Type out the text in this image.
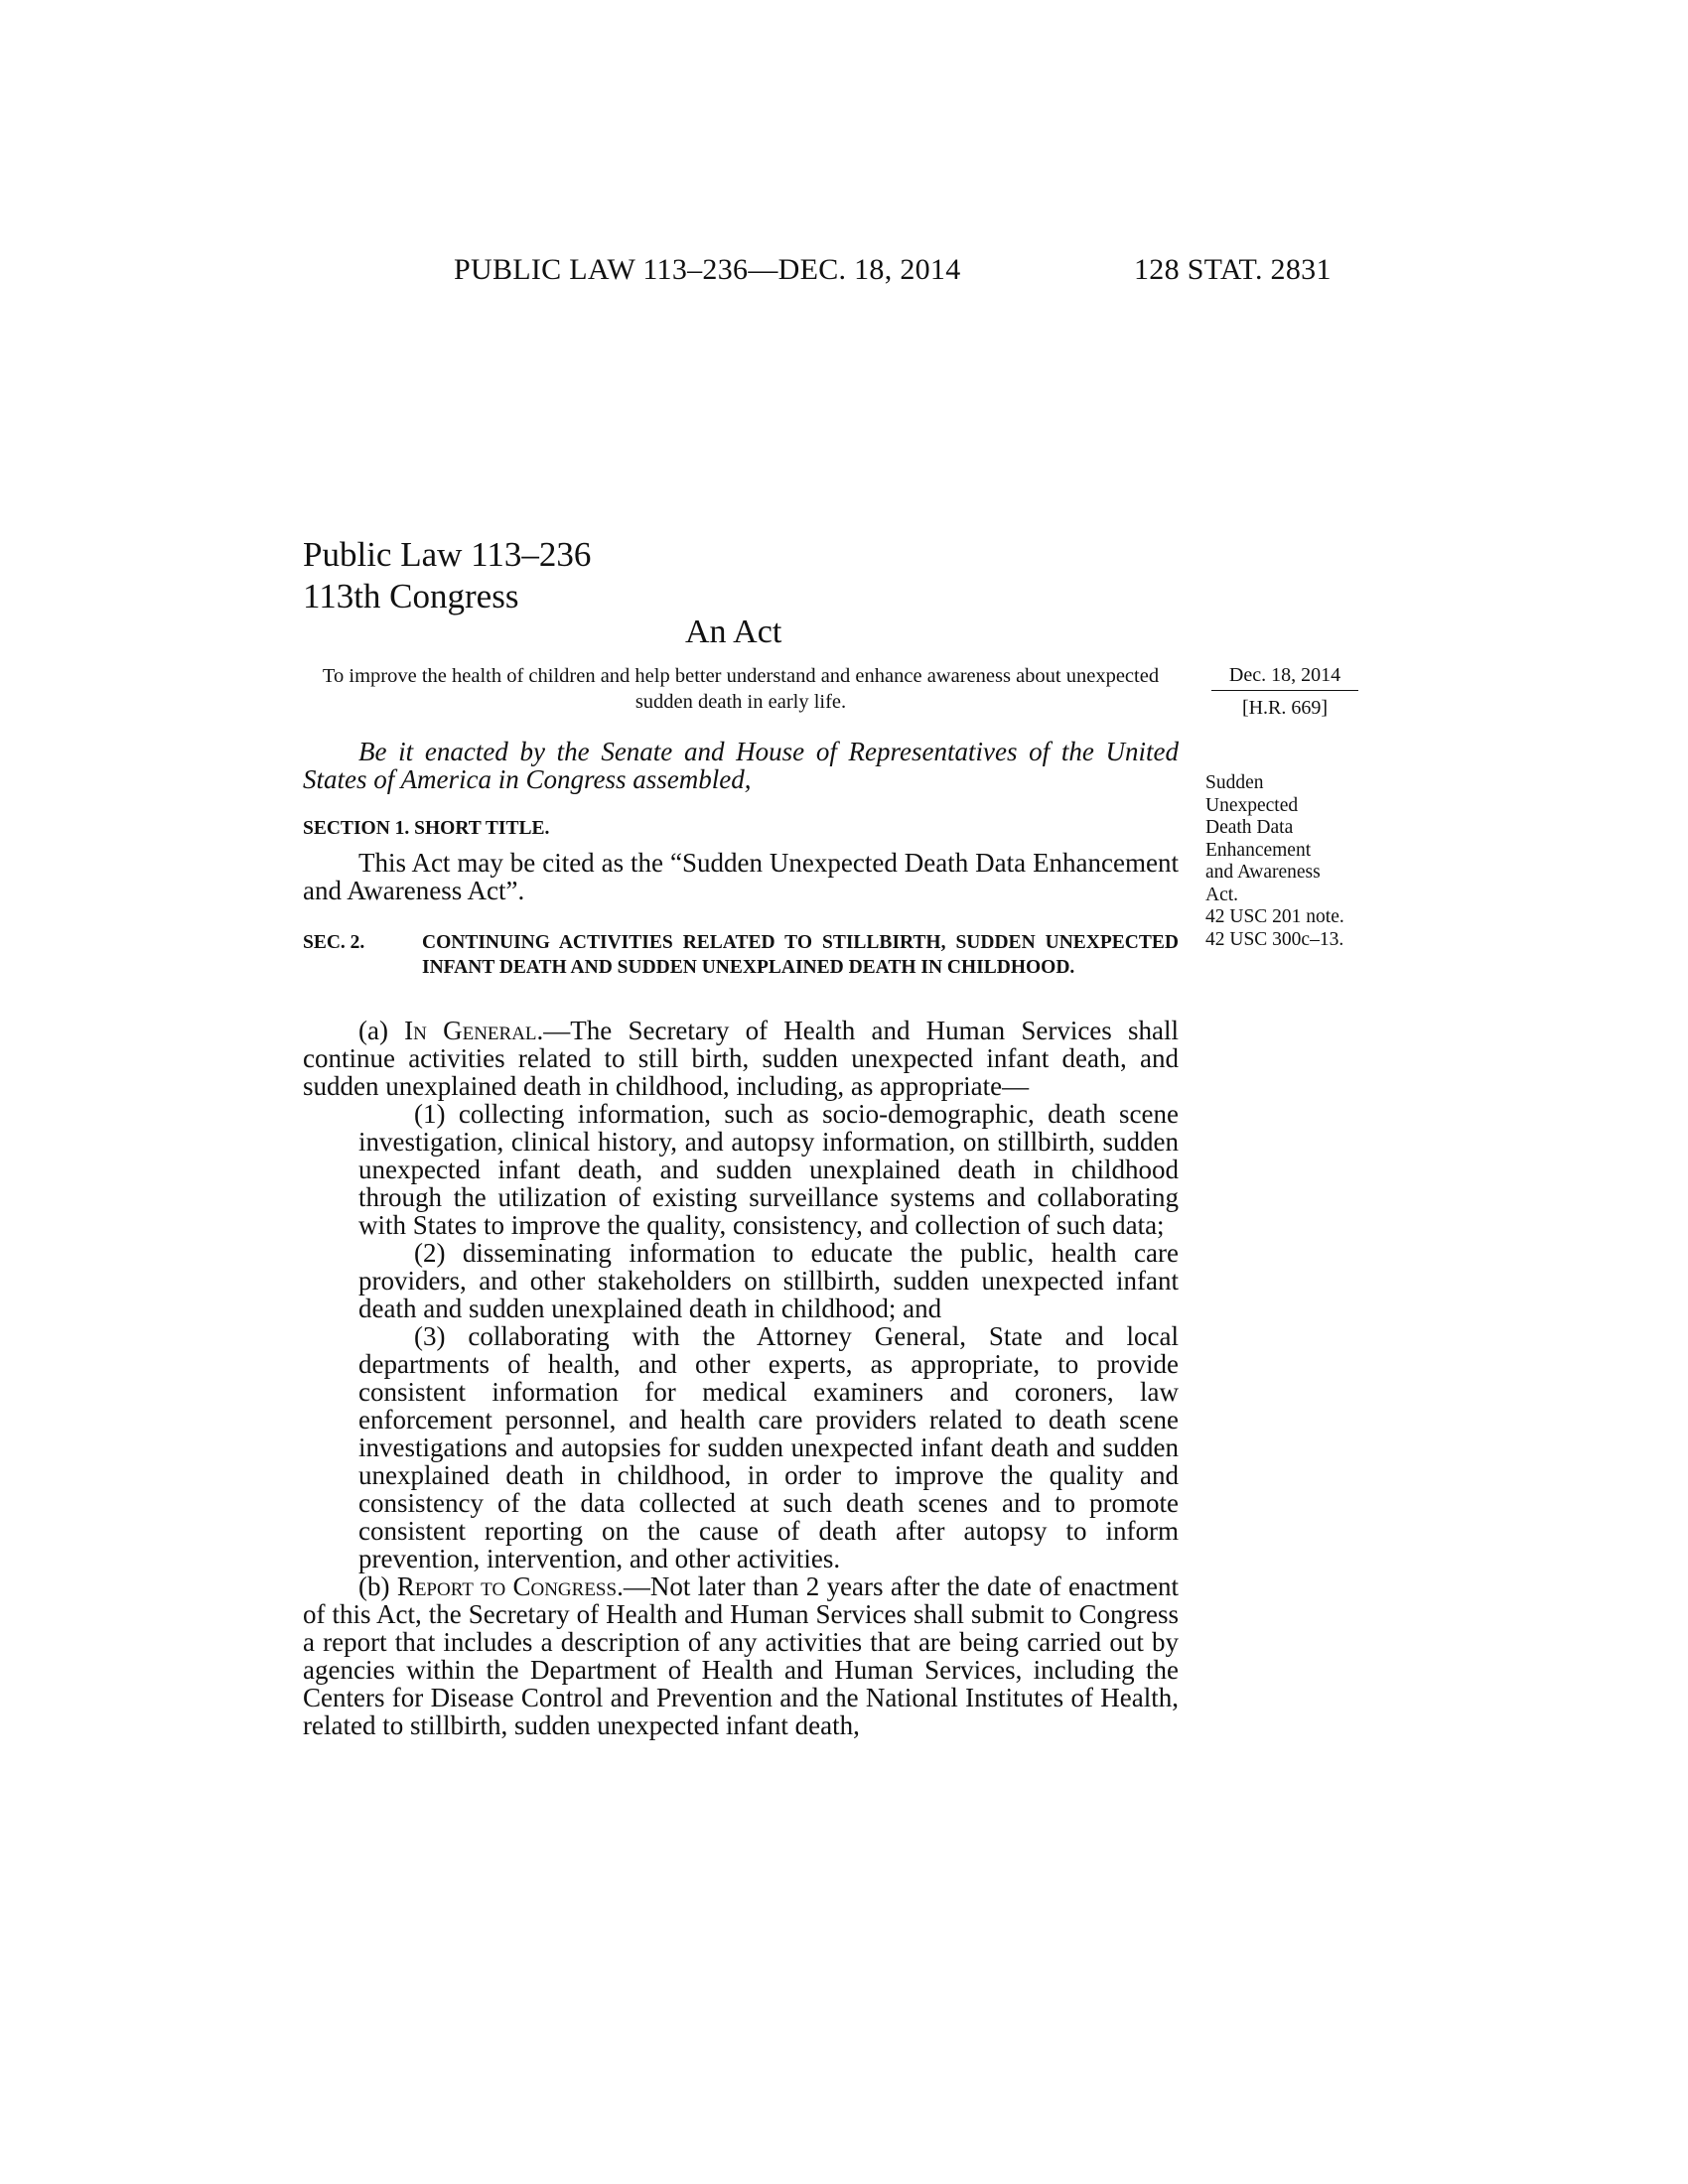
PUBLIC LAW 113–236—DEC. 18, 2014	128 STAT. 2831
Public Law 113–236
113th Congress
An Act
To improve the health of children and help better understand and enhance awareness about unexpected sudden death in early life.
Dec. 18, 2014
[H.R. 669]
Be it enacted by the Senate and House of Representatives of the United States of America in Congress assembled,
SECTION 1. SHORT TITLE.
This Act may be cited as the “Sudden Unexpected Death Data Enhancement and Awareness Act”.
SEC. 2.	CONTINUING ACTIVITIES RELATED TO STILLBIRTH, SUDDEN UNEXPECTED INFANT DEATH AND SUDDEN UNEXPLAINED DEATH IN CHILDHOOD.

(a) In General.—The Secretary of Health and Human Services shall continue activities related to still birth, sudden unexpected infant death, and sudden unexplained death in childhood, including, as appropriate—

(1) collecting information, such as socio-demographic, death scene investigation, clinical history, and autopsy information, on stillbirth, sudden unexpected infant death, and sudden unexplained death in childhood through the utilization of existing surveillance systems and collaborating with States to improve the quality, consistency, and collection of such data;

(2) disseminating information to educate the public, health care providers, and other stakeholders on stillbirth, sudden unexpected infant death and sudden unexplained death in childhood; and

(3) collaborating with the Attorney General, State and local departments of health, and other experts, as appropriate, to provide consistent information for medical examiners and coroners, law enforcement personnel, and health care providers related to death scene investigations and autopsies for sudden unexpected infant death and sudden unexplained death in childhood, in order to improve the quality and consistency of the data collected at such death scenes and to promote consistent reporting on the cause of death after autopsy to inform prevention, intervention, and other activities.

(b) Report to Congress.—Not later than 2 years after the date of enactment of this Act, the Secretary of Health and Human Services shall submit to Congress a report that includes a description of any activities that are being carried out by agencies within the Department of Health and Human Services, including the Centers for Disease Control and Prevention and the National Institutes of Health, related to stillbirth, sudden unexpected infant death,

Sudden

Unexpected

Death Data

Enhancement

and Awareness

Act.

42 USC 201 note.

42 USC 300c–13.
